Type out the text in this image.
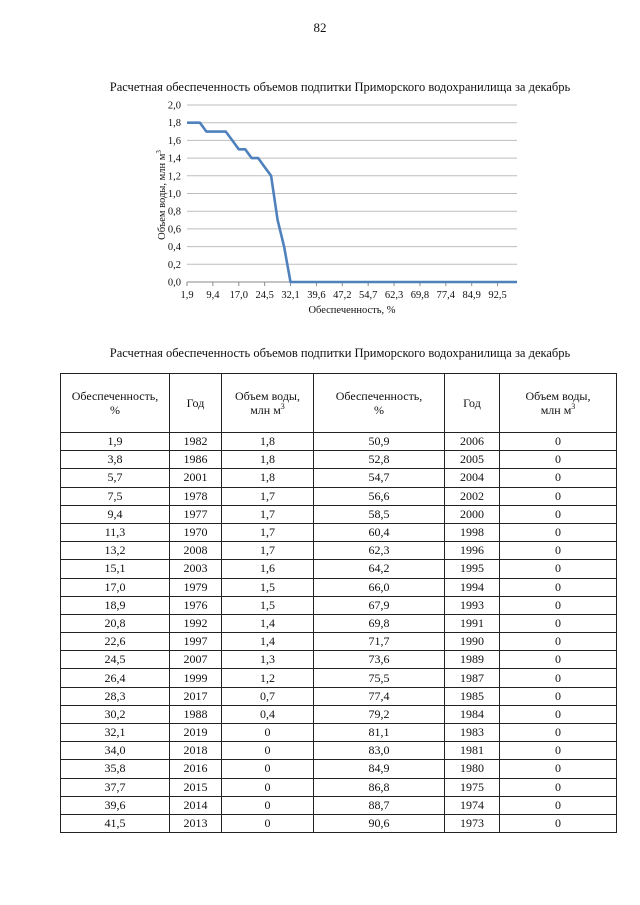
82
Расчетная обеспеченность объемов подпитки Приморского водохранилища за декабрь
0,0
0,2
0,4
0,6
0,8
1,0
1,2
1,4
1,6
1,8
2,0
1,9 9,4 17,0 24,5 32,1 39,6 47,2 54,7 62,3 69,8 77,4 84,9 92,5
Обеспеченность, %
Объем воды, млн $м^3$
Расчетная обеспеченность объемов подпитки Приморского водохранилища за декабрь
Обеспеченность,
%	Год	Объем воды,
млн $м^3$	Обеспеченность,
%	Год	Объем воды,
млн $м^3$
1,9	1982	1,8	50,9	2006	0
3,8	1986	1,8	52,8	2005	0
5,7	2001	1,8	54,7	2004	0
7,5	1978	1,7	56,6	2002	0
9,4	1977	1,7	58,5	2000	0
11,3	1970	1,7	60,4	1998	0
13,2	2008	1,7	62,3	1996	0
15,1	2003	1,6	64,2	1995	0
17,0	1979	1,5	66,0	1994	0
18,9	1976	1,5	67,9	1993	0
20,8	1992	1,4	69,8	1991	0
22,6	1997	1,4	71,7	1990	0
24,5	2007	1,3	73,6	1989	0
26,4	1999	1,2	75,5	1987	0
28,3	2017	0,7	77,4	1985	0
30,2	1988	0,4	79,2	1984	0
32,1	2019	0	81,1	1983	0
34,0	2018	0	83,0	1981	0
35,8	2016	0	84,9	1980	0
37,7	2015	0	86,8	1975	0
39,6	2014	0	88,7	1974	0
41,5	2013	0	90,6	1973	0
